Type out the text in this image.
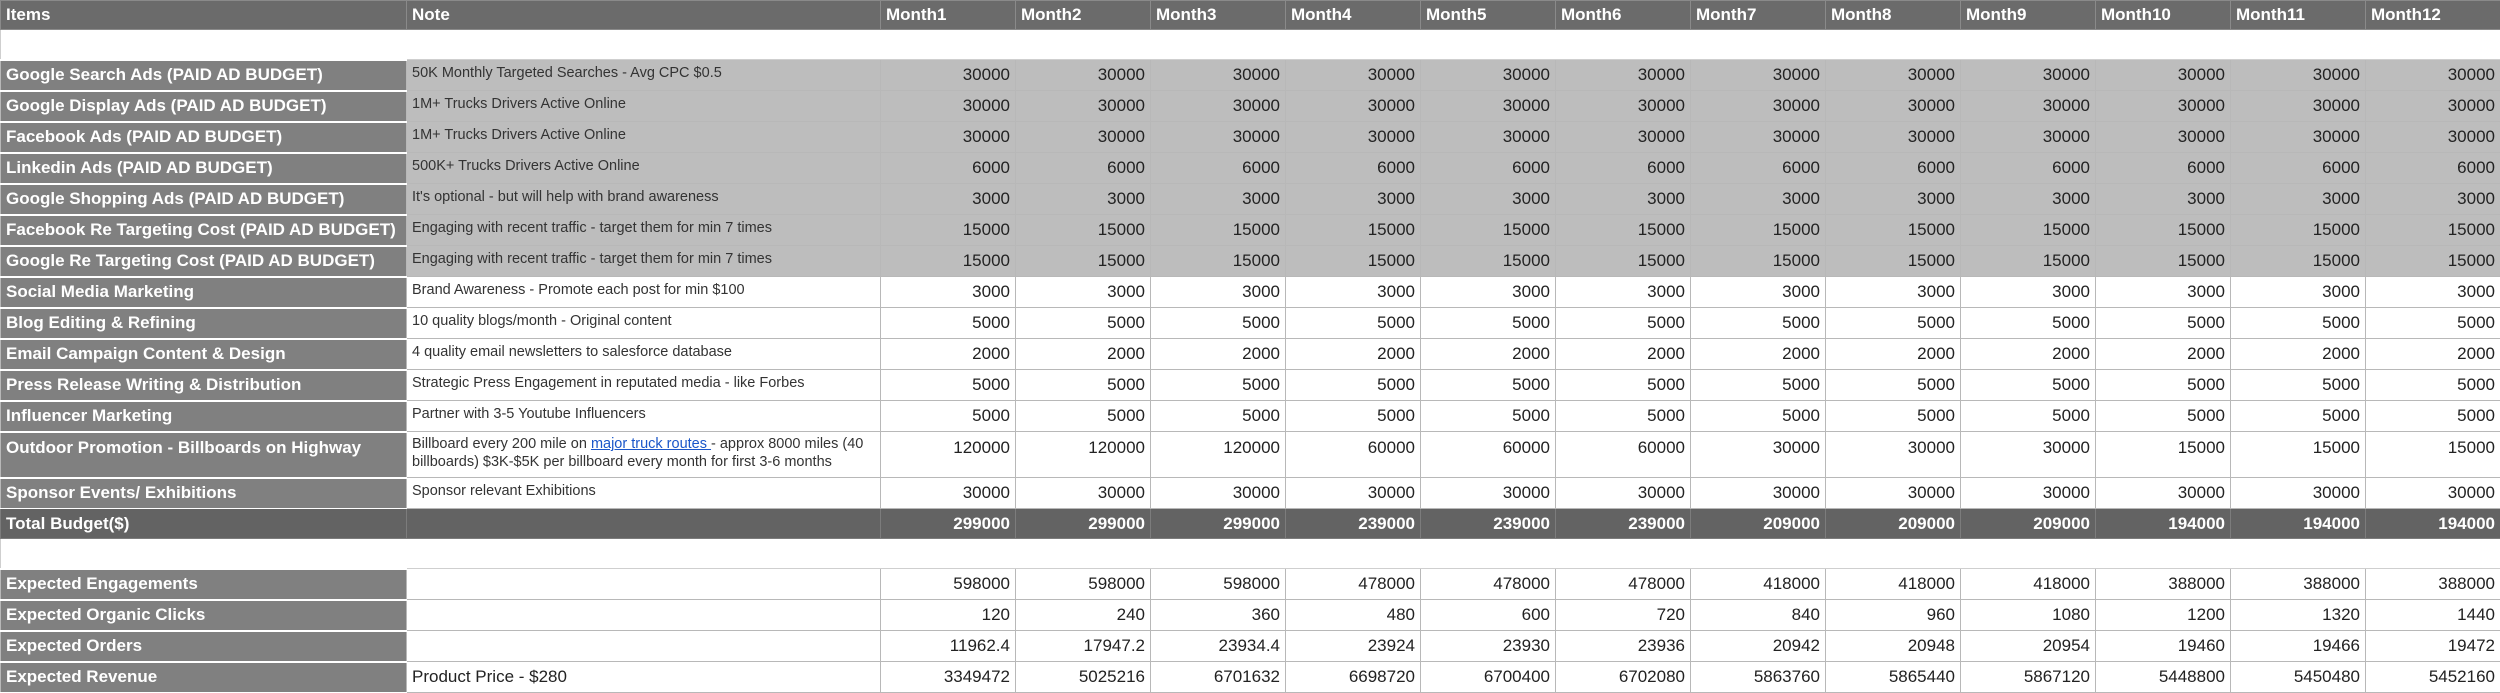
Items	Note	Month1	Month2	Month3	Month4	Month5	Month6	Month7	Month8	Month9	Month10	Month11	Month12

Google Search Ads (PAID AD BUDGET)	50K Monthly Targeted Searches - Avg CPC $0.5	30000	30000	30000	30000	30000	30000	30000	30000	30000	30000	30000	30000
Google Display Ads (PAID AD BUDGET)	1M+ Trucks Drivers Active Online	30000	30000	30000	30000	30000	30000	30000	30000	30000	30000	30000	30000
Facebook Ads (PAID AD BUDGET)	1M+ Trucks Drivers Active Online	30000	30000	30000	30000	30000	30000	30000	30000	30000	30000	30000	30000
Linkedin Ads (PAID AD BUDGET)	500K+ Trucks Drivers Active Online	6000	6000	6000	6000	6000	6000	6000	6000	6000	6000	6000	6000
Google Shopping Ads (PAID AD BUDGET)	It's optional - but will help with brand awareness	3000	3000	3000	3000	3000	3000	3000	3000	3000	3000	3000	3000
Facebook Re Targeting Cost (PAID AD BUDGET)	Engaging with recent traffic - target them for min 7 times	15000	15000	15000	15000	15000	15000	15000	15000	15000	15000	15000	15000
Google Re Targeting Cost (PAID AD BUDGET)	Engaging with recent traffic - target them for min 7 times	15000	15000	15000	15000	15000	15000	15000	15000	15000	15000	15000	15000
Social Media Marketing	Brand Awareness - Promote each post for min $100	3000	3000	3000	3000	3000	3000	3000	3000	3000	3000	3000	3000
Blog Editing & Refining	10 quality blogs/month - Original content	5000	5000	5000	5000	5000	5000	5000	5000	5000	5000	5000	5000
Email Campaign Content & Design	4 quality email newsletters to salesforce database	2000	2000	2000	2000	2000	2000	2000	2000	2000	2000	2000	2000
Press Release Writing & Distribution	Strategic Press Engagement in reputated media - like Forbes	5000	5000	5000	5000	5000	5000	5000	5000	5000	5000	5000	5000
Influencer Marketing	Partner with 3-5 Youtube Influencers	5000	5000	5000	5000	5000	5000	5000	5000	5000	5000	5000	5000
Outdoor Promotion - Billboards on Highway	Billboard every 200 mile on major truck routes - approx 8000 miles (40 billboards) $3K-$5K per billboard every month for first 3-6 months	120000	120000	120000	60000	60000	60000	30000	30000	30000	15000	15000	15000
Sponsor Events/ Exhibitions	Sponsor relevant Exhibitions	30000	30000	30000	30000	30000	30000	30000	30000	30000	30000	30000	30000
Total Budget($)		299000	299000	299000	239000	239000	239000	209000	209000	209000	194000	194000	194000

Expected Engagements		598000	598000	598000	478000	478000	478000	418000	418000	418000	388000	388000	388000
Expected Organic Clicks		120	240	360	480	600	720	840	960	1080	1200	1320	1440
Expected Orders		11962.4	17947.2	23934.4	23924	23930	23936	20942	20948	20954	19460	19466	19472
Expected Revenue	Product Price - $280	3349472	5025216	6701632	6698720	6700400	6702080	5863760	5865440	5867120	5448800	5450480	5452160
